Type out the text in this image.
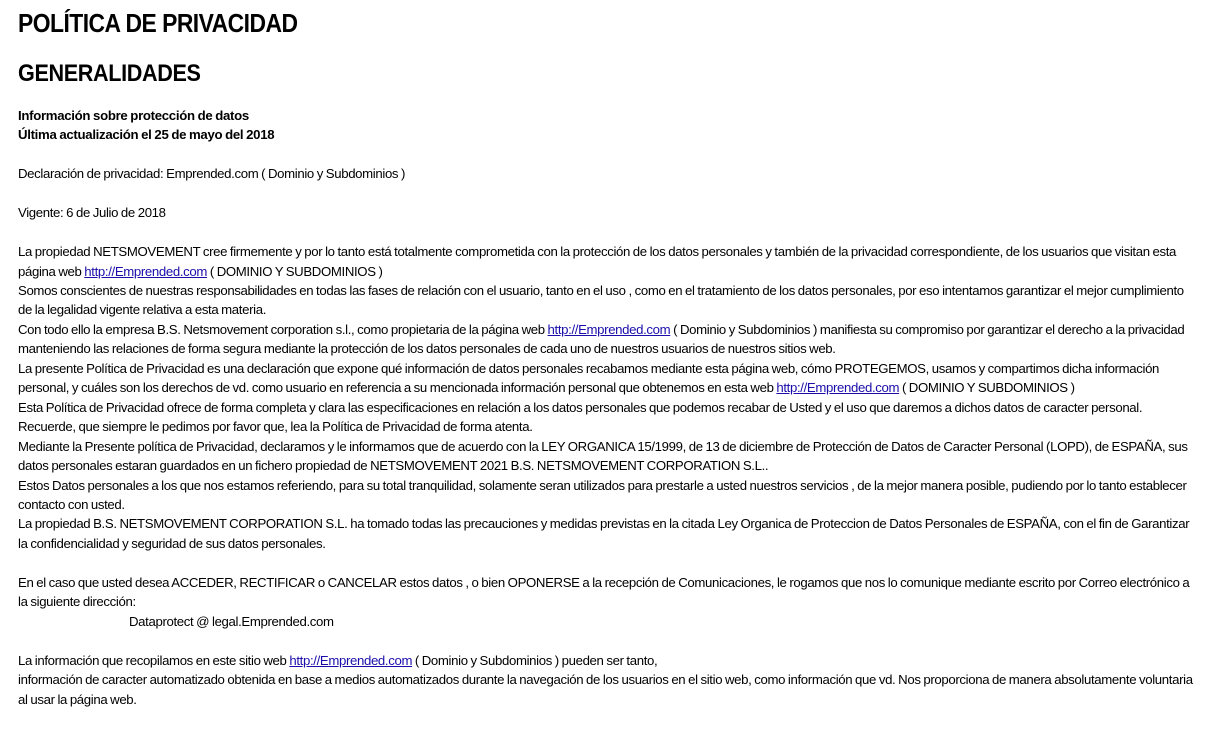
POLÍTICA DE PRIVACIDAD
GENERALIDADES

Información sobre protección de datos

Última actualización el 25 de mayo del 2018

Declaración de privacidad: Emprended.com ( Dominio y Subdominios )

Vigente: 6 de Julio de 2018

La propiedad NETSMOVEMENT cree firmemente y por lo tanto está totalmente comprometida con la protección de los datos personales y también de la privacidad correspondiente, de los usuarios que visitan esta página web http://Emprended.com ( DOMINIO Y SUBDOMINIOS )

Somos conscientes de nuestras responsabilidades en todas las fases de relación con el usuario, tanto en el uso , como en el tratamiento de los datos personales, por eso intentamos garantizar el mejor cumplimiento de la legalidad vigente relativa a esta materia.

Con todo ello la empresa B.S. Netsmovement corporation s.l., como propietaria de la página web http://Emprended.com ( Dominio y Subdominios ) manifiesta su compromiso por garantizar el derecho a la privacidad manteniendo las relaciones de forma segura mediante la protección de los datos personales de cada uno de nuestros usuarios de nuestros sitios web.

La presente Política de Privacidad es una declaración que expone qué información de datos personales recabamos mediante esta página web, cómo PROTEGEMOS, usamos y compartimos dicha información personal, y cuáles son los derechos de vd. como usuario en referencia a su mencionada información personal que obtenemos en esta web http://Emprended.com ( DOMINIO Y SUBDOMINIOS )

Esta Política de Privacidad ofrece de forma completa y clara las especificaciones en relación a los datos personales que podemos recabar de Usted y el uso que daremos a dichos datos de caracter personal.

Recuerde, que siempre le pedimos por favor que, lea la Política de Privacidad de forma atenta.

Mediante la Presente política de Privacidad, declaramos y le informamos que de acuerdo con la LEY ORGANICA 15/1999, de 13 de diciembre de Protección de Datos de Caracter Personal (LOPD), de ESPAÑA, sus datos personales estaran guardados en un fichero propiedad de NETSMOVEMENT 2021 B.S. NETSMOVEMENT CORPORATION S.L..

Estos Datos personales a los que nos estamos referiendo, para su total tranquilidad, solamente seran utilizados para prestarle a usted nuestros servicios , de la mejor manera posible, pudiendo por lo tanto establecer contacto con usted.

La propiedad B.S. NETSMOVEMENT CORPORATION S.L. ha tomado todas las precauciones y medidas previstas en la citada Ley Organica de Proteccion de Datos Personales de ESPAÑA, con el fin de Garantizar la confidencialidad y seguridad de sus datos personales.

En el caso que usted desea ACCEDER, RECTIFICAR o CANCELAR estos datos , o bien OPONERSE a la recepción de Comunicaciones, le rogamos que nos lo comunique mediante escrito por Correo electrónico a la siguiente dirección:

Dataprotect @ legal.Emprended.com

La información que recopilamos en este sitio web http://Emprended.com ( Dominio y Subdominios ) pueden ser tanto,

información de caracter automatizado obtenida en base a medios automatizados durante la navegación de los usuarios en el sitio web, como información que vd. Nos proporciona de manera absolutamente voluntaria al usar la página web.
